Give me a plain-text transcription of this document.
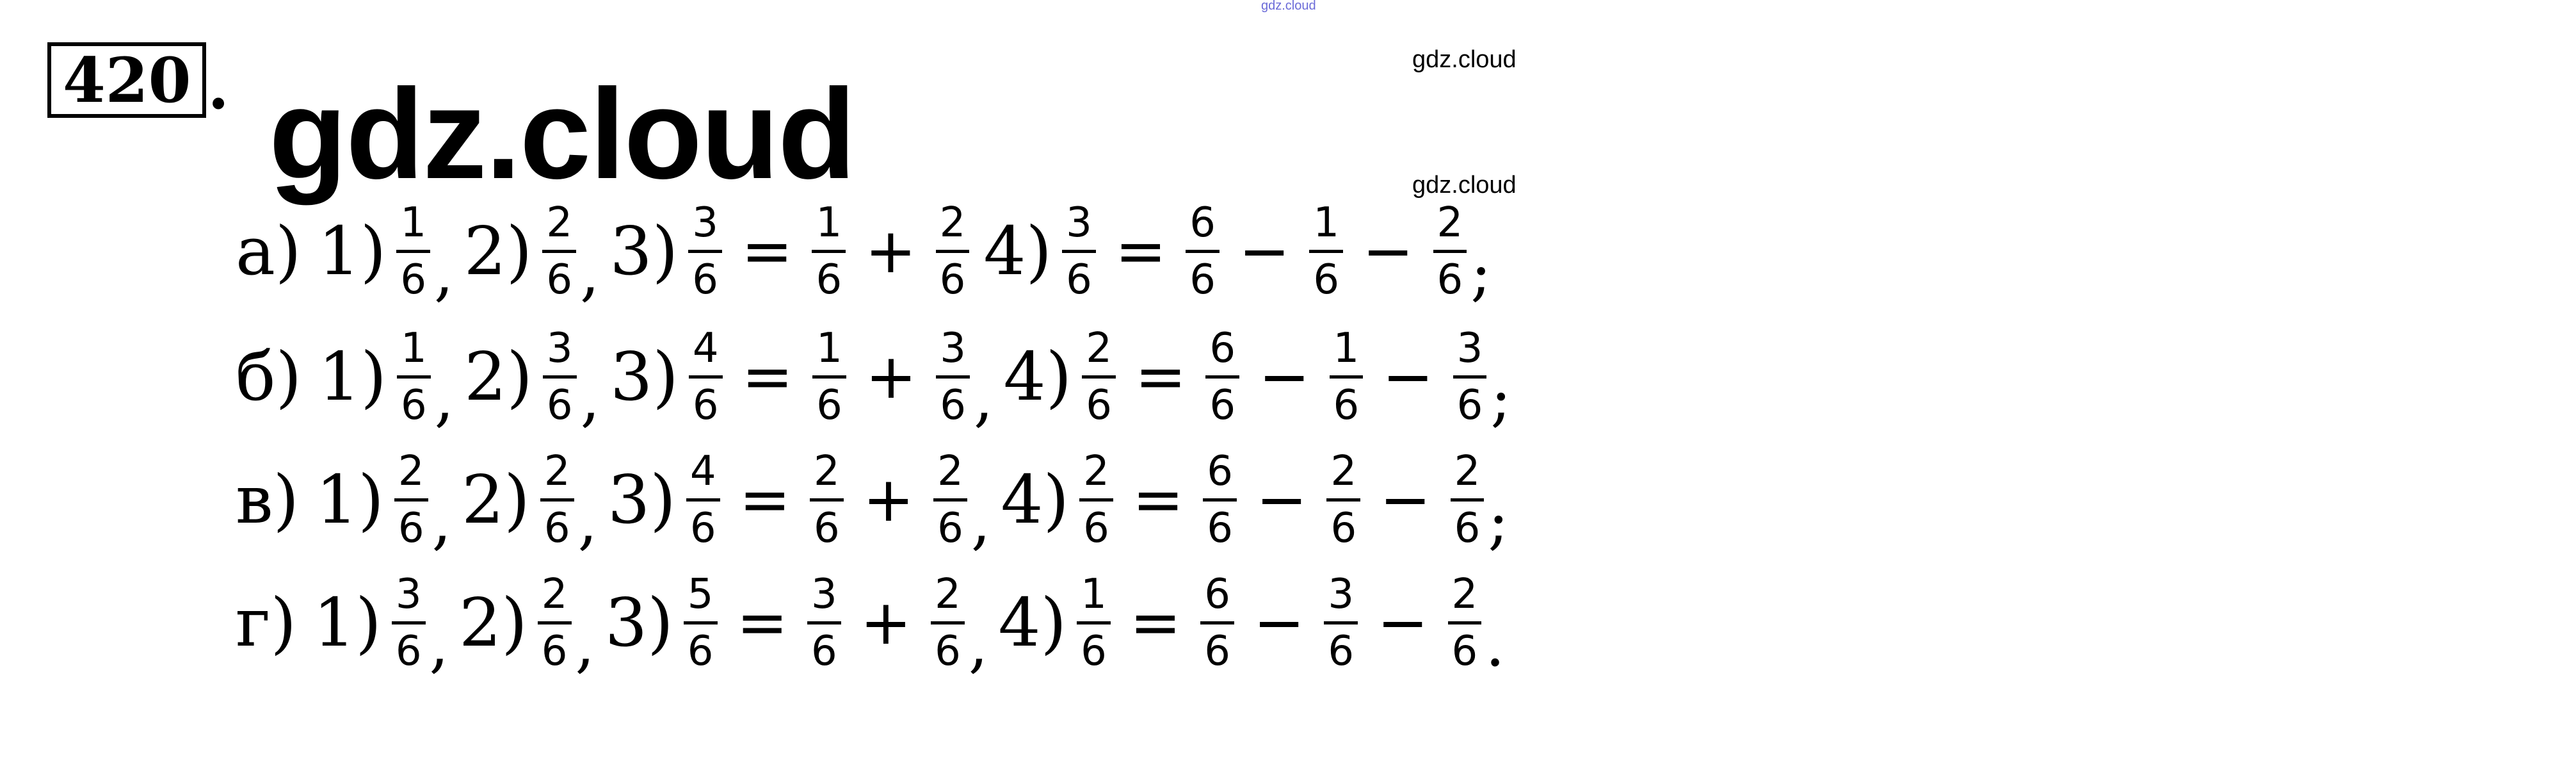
gdz.cloud
gdz.cloud
gdz.cloud
gdz.cloud
420 .
а) 1) 1
6 , 2) 2
6 , 3) 3
6 = 1
6 + 2
6 4) 3
6 = 6
6 − 1
6 − 2
6 ;
б) 1) 1
6 , 2) 3
6 , 3) 4
6 = 1
6 + 3
6 , 4) 2
6 = 6
6 − 1
6 − 3
6 ;
в) 1) 2
6 , 2) 2
6 , 3) 4
6 = 2
6 + 2
6 , 4) 2
6 = 6
6 − 2
6 − 2
6 ;
г) 1) 3
6 , 2) 2
6 , 3) 5
6 = 3
6 + 2
6 , 4) 1
6 = 6
6 − 3
6 − 2
6 .
